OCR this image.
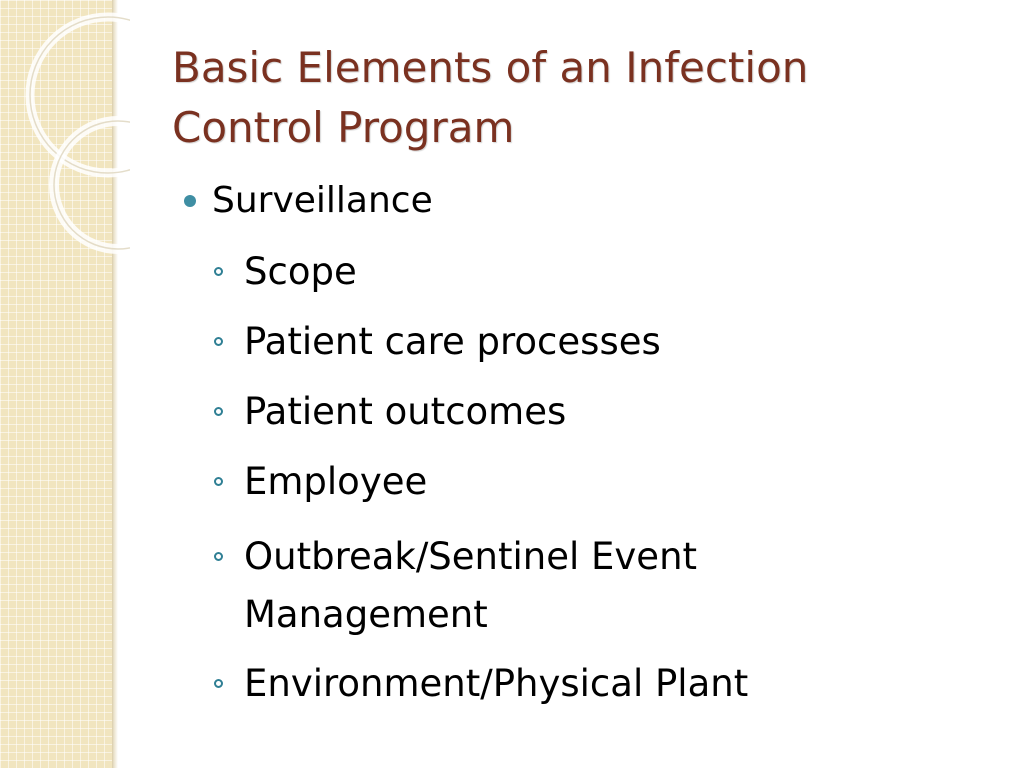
Basic Elements of an Infection
Control Program
Surveillance
Scope
Patient care processes
Patient outcomes
Employee
Outbreak/Sentinel Event
Management
Environment/Physical Plant
